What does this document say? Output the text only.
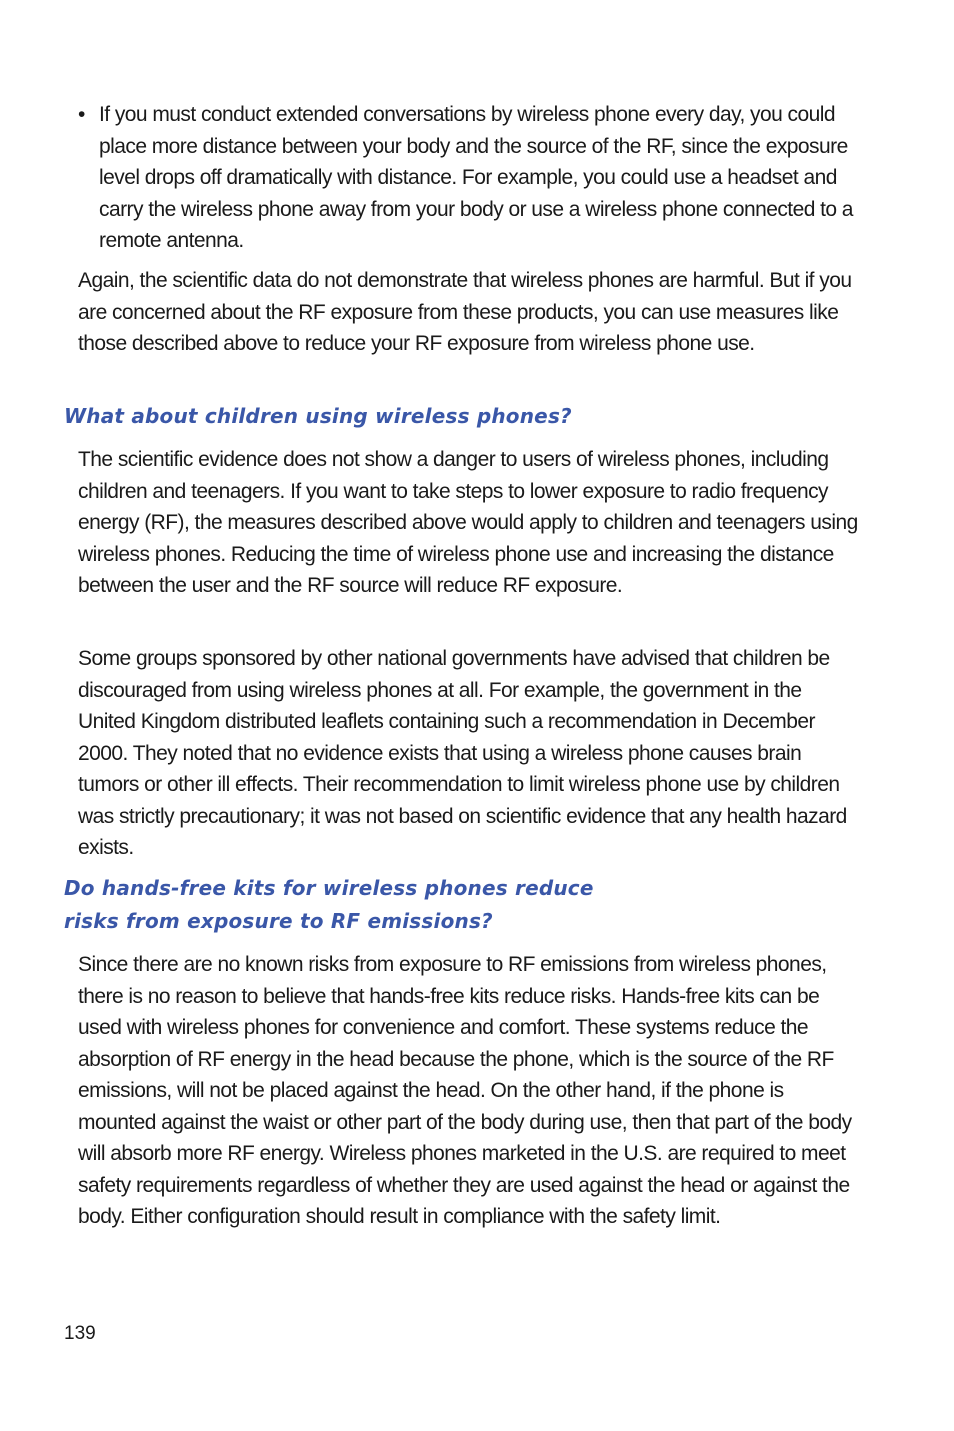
• If you must conduct extended conversations by wireless phone every day, you could place more distance between your body and the source of the RF, since the exposure level drops off dramatically with distance. For example, you could use a headset and carry the wireless phone away from your body or use a wireless phone connected to a remote antenna.

Again, the scientific data do not demonstrate that wireless phones are harmful. But if you are concerned about the RF exposure from these products, you can use measures like those described above to reduce your RF exposure from wireless phone use.

What about children using wireless phones?

The scientific evidence does not show a danger to users of wireless phones, including children and teenagers. If you want to take steps to lower exposure to radio frequency energy (RF), the measures described above would apply to children and teenagers using wireless phones. Reducing the time of wireless phone use and increasing the distance between the user and the RF source will reduce RF exposure.

Some groups sponsored by other national governments have advised that children be discouraged from using wireless phones at all. For example, the government in the United Kingdom distributed leaflets containing such a recommendation in December 2000. They noted that no evidence exists that using a wireless phone causes brain tumors or other ill effects. Their recommendation to limit wireless phone use by children was strictly precautionary; it was not based on scientific evidence that any health hazard exists.

Do hands-free kits for wireless phones reduce
risks from exposure to RF emissions?

Since there are no known risks from exposure to RF emissions from wireless phones, there is no reason to believe that hands-free kits reduce risks. Hands-free kits can be used with wireless phones for convenience and comfort. These systems reduce the absorption of RF energy in the head because the phone, which is the source of the RF emissions, will not be placed against the head. On the other hand, if the phone is mounted against the waist or other part of the body during use, then that part of the body will absorb more RF energy. Wireless phones marketed in the U.S. are required to meet safety requirements regardless of whether they are used against the head or against the body. Either configuration should result in compliance with the safety limit.

139
